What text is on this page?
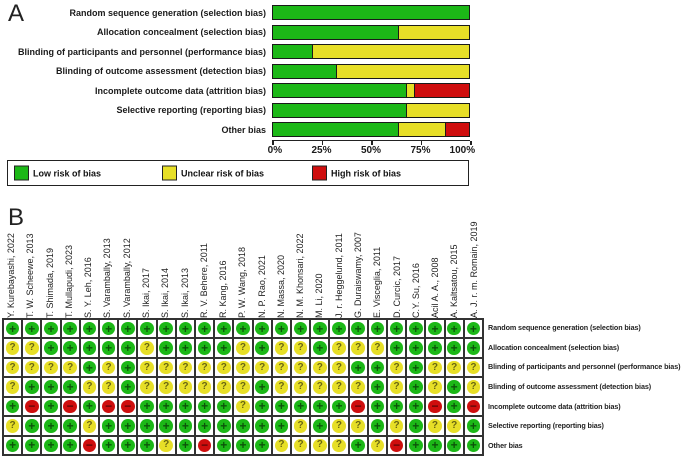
A	Random sequence generation (selection bias)
Allocation concealment (selection bias)
Blinding of participants and personnel (performance bias)
Blinding of outcome assessment (detection bias)
Incomplete outcome data (attrition bias)
Selective reporting (reporting bias)
Other bias
0%	25%	50%	75% 100%
Low risk of bias	Unclear risk of bias	High risk of bias
B
Y. Kurebayashi, 2022	T. W. Scheewe, 2013	T. Shimada, 2019	T. Mullapudi, 2023	S. Y. Leh, 2016	S. Varambally, 2013	S. Varambally, 2012	S. Ikai, 2017	S. Ikai, 2014	S. Ikai, 2013	R. V. Behere, 2011	R. Kang, 2016	P. W. Wang, 2018	N. P. Rao, 2021	N. Massa, 2020	N. M. Khonsari, 2022	M. Li, 2020	J. r. Heggelund, 2011	G. Duraiswamy, 2007	E. Visceglia, 2011	D. Curcic, 2017	C.Y. Su, 2016	Acil A. A., 2008	A. Kaltsatou, 2015	A. J. r. m. Romain, 2019
+ + + + + + + + + + + + + + + + + + + + + + + + +
?	?	+ + + + +	?	+ + + +	?	+	?	?	+	?	?	?	+ + + + +
?	?	?	?	+	?	+	?	?	?	?	?	?	?	?	?	?	?	+ +	?	+	?	?	?
?	+ + +	?	?	+	?	?	?	?	?	?	+	?	?	?	?	?	+	?	+	?	+	?
+ − + − + − − + + + + +	?	+ + + + + − + + + − + −
?	+ + +	?	+ + + + + + + + + +	?	+	?	?	+	?	+	?	?	+
+ + + + − + + +	?	+ − + + +	?	?	?	?	+	?	− + + + +
Random sequence generation (selection bias)
Allocation concealment (selection bias)
Blinding of participants and personnel (performance bias)
Blinding of outcome assessment (detection bias)
Incomplete outcome data (attrition bias)
Selective reporting (reporting bias)
Other bias
